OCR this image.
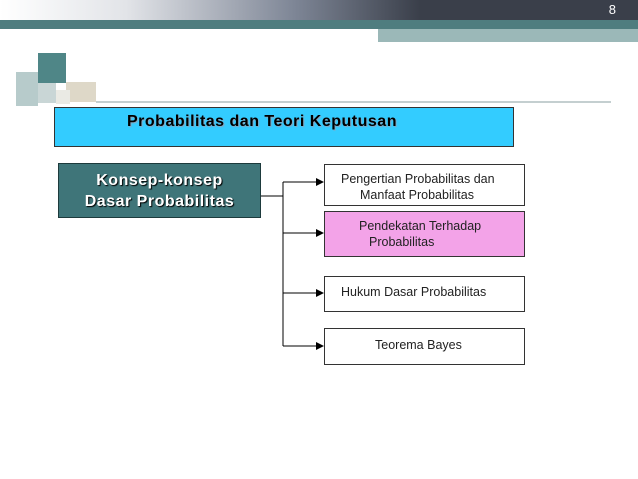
8
Probabilitas dan Teori Keputusan
Konsep-konsep
Dasar Probabilitas
Pengertian Probabilitas dan
Manfaat Probabilitas
Pendekatan Terhadap
Probabilitas
Hukum Dasar Probabilitas
Teorema Bayes
